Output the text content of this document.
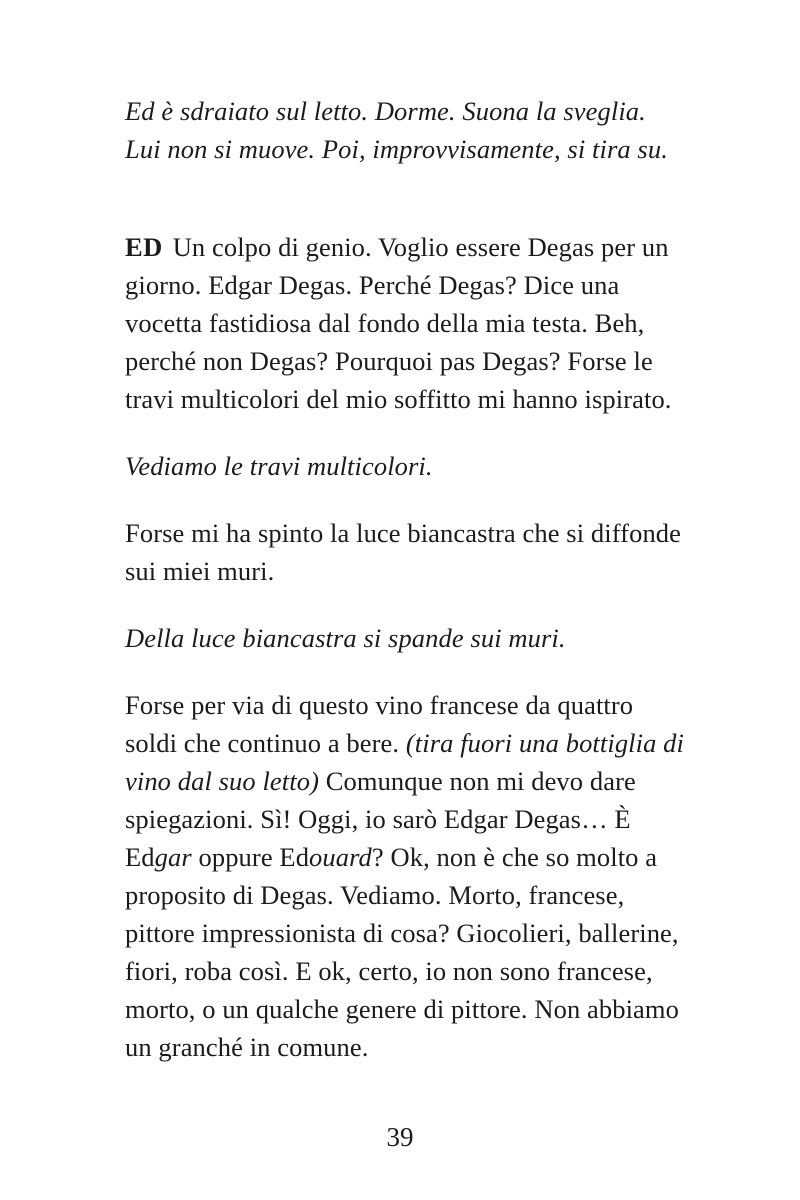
Ed è sdraiato sul letto. Dorme. Suona la sveglia. Lui non si muove. Poi, improvvisamente, si tira su.

ED Un colpo di genio. Voglio essere Degas per un giorno. Edgar Degas. Perché Degas? Dice una vocetta fastidiosa dal fondo della mia testa. Beh, perché non Degas? Pourquoi pas Degas? Forse le travi multicolori del mio soffitto mi hanno ispirato.

Vediamo le travi multicolori.

Forse mi ha spinto la luce biancastra che si diffonde sui miei muri.

Della luce biancastra si spande sui muri.

Forse per via di questo vino francese da quattro soldi che continuo a bere. (tira fuori una bottiglia di vino dal suo letto) Comunque non mi devo dare spiegazioni. Sì! Oggi, io sarò Edgar Degas… È Edgar oppure Edouard? Ok, non è che so molto a proposito di Degas. Vediamo. Morto, francese, pittore impressionista di cosa? Giocolieri, ballerine, fiori, roba così. E ok, certo, io non sono francese, morto, o un qualche genere di pittore. Non abbiamo un granché in comune.

39
